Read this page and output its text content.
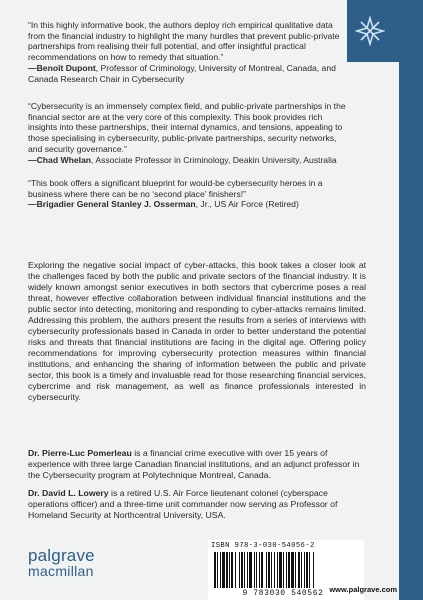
“In this highly informative book, the authors deploy rich empirical qualitative data from the financial industry to highlight the many hurdles that prevent public-private partnerships from realising their full potential, and offer insightful practical recommendations on how to remedy that situation.”

—Benoît Dupont, Professor of Criminology, University of Montreal, Canada, and Canada Research Chair in Cybersecurity

“Cybersecurity is an immensely complex field, and public-private partnerships in the financial sector are at the very core of this complexity. This book provides rich insights into these partnerships, their internal dynamics, and tensions, appealing to those specialising in cybersecurity, public-private partnerships, security networks, and security governance.”

—Chad Whelan, Associate Professor in Criminology, Deakin University, Australia

“This book offers a significant blueprint for would-be cybersecurity heroes in a business where there can be no ‘second place’ finishers!”

—Brigadier General Stanley J. Osserman, Jr., US Air Force (Retired)

Exploring the negative social impact of cyber-attacks, this book takes a closer look at the challenges faced by both the public and private sectors of the financial industry. It is widely known amongst senior executives in both sectors that cybercrime poses a real threat, however effective collaboration between individual financial institutions and the public sector into detecting, monitoring and responding to cyber-attacks remains limited. Addressing this problem, the authors present the results from a series of interviews with cybersecurity professionals based in Canada in order to better understand the potential risks and threats that financial institutions are facing in the digital age. Offering policy recommendations for improving cybersecurity protection measures within financial institutions, and enhancing the sharing of information between the public and private sector, this book is a timely and invaluable read for those researching financial services, cybercrime and risk management, as well as finance professionals interested in cybersecurity.

Dr. Pierre-Luc Pomerleau is a financial crime executive with over 15 years of experience with three large Canadian financial institutions, and an adjunct professor in the Cybersecurity program at Polytechnique Montreal, Canada.

Dr. David L. Lowery is a retired U.S. Air Force lieutenant colonel (cyberspace operations officer) and a three-time unit commander now serving as Professor of Homeland Security at Northcentral University, USA.

palgrave
macmillan
ISBN 978-3-030-54056-2
9 783030 540562 www.palgrave.com
